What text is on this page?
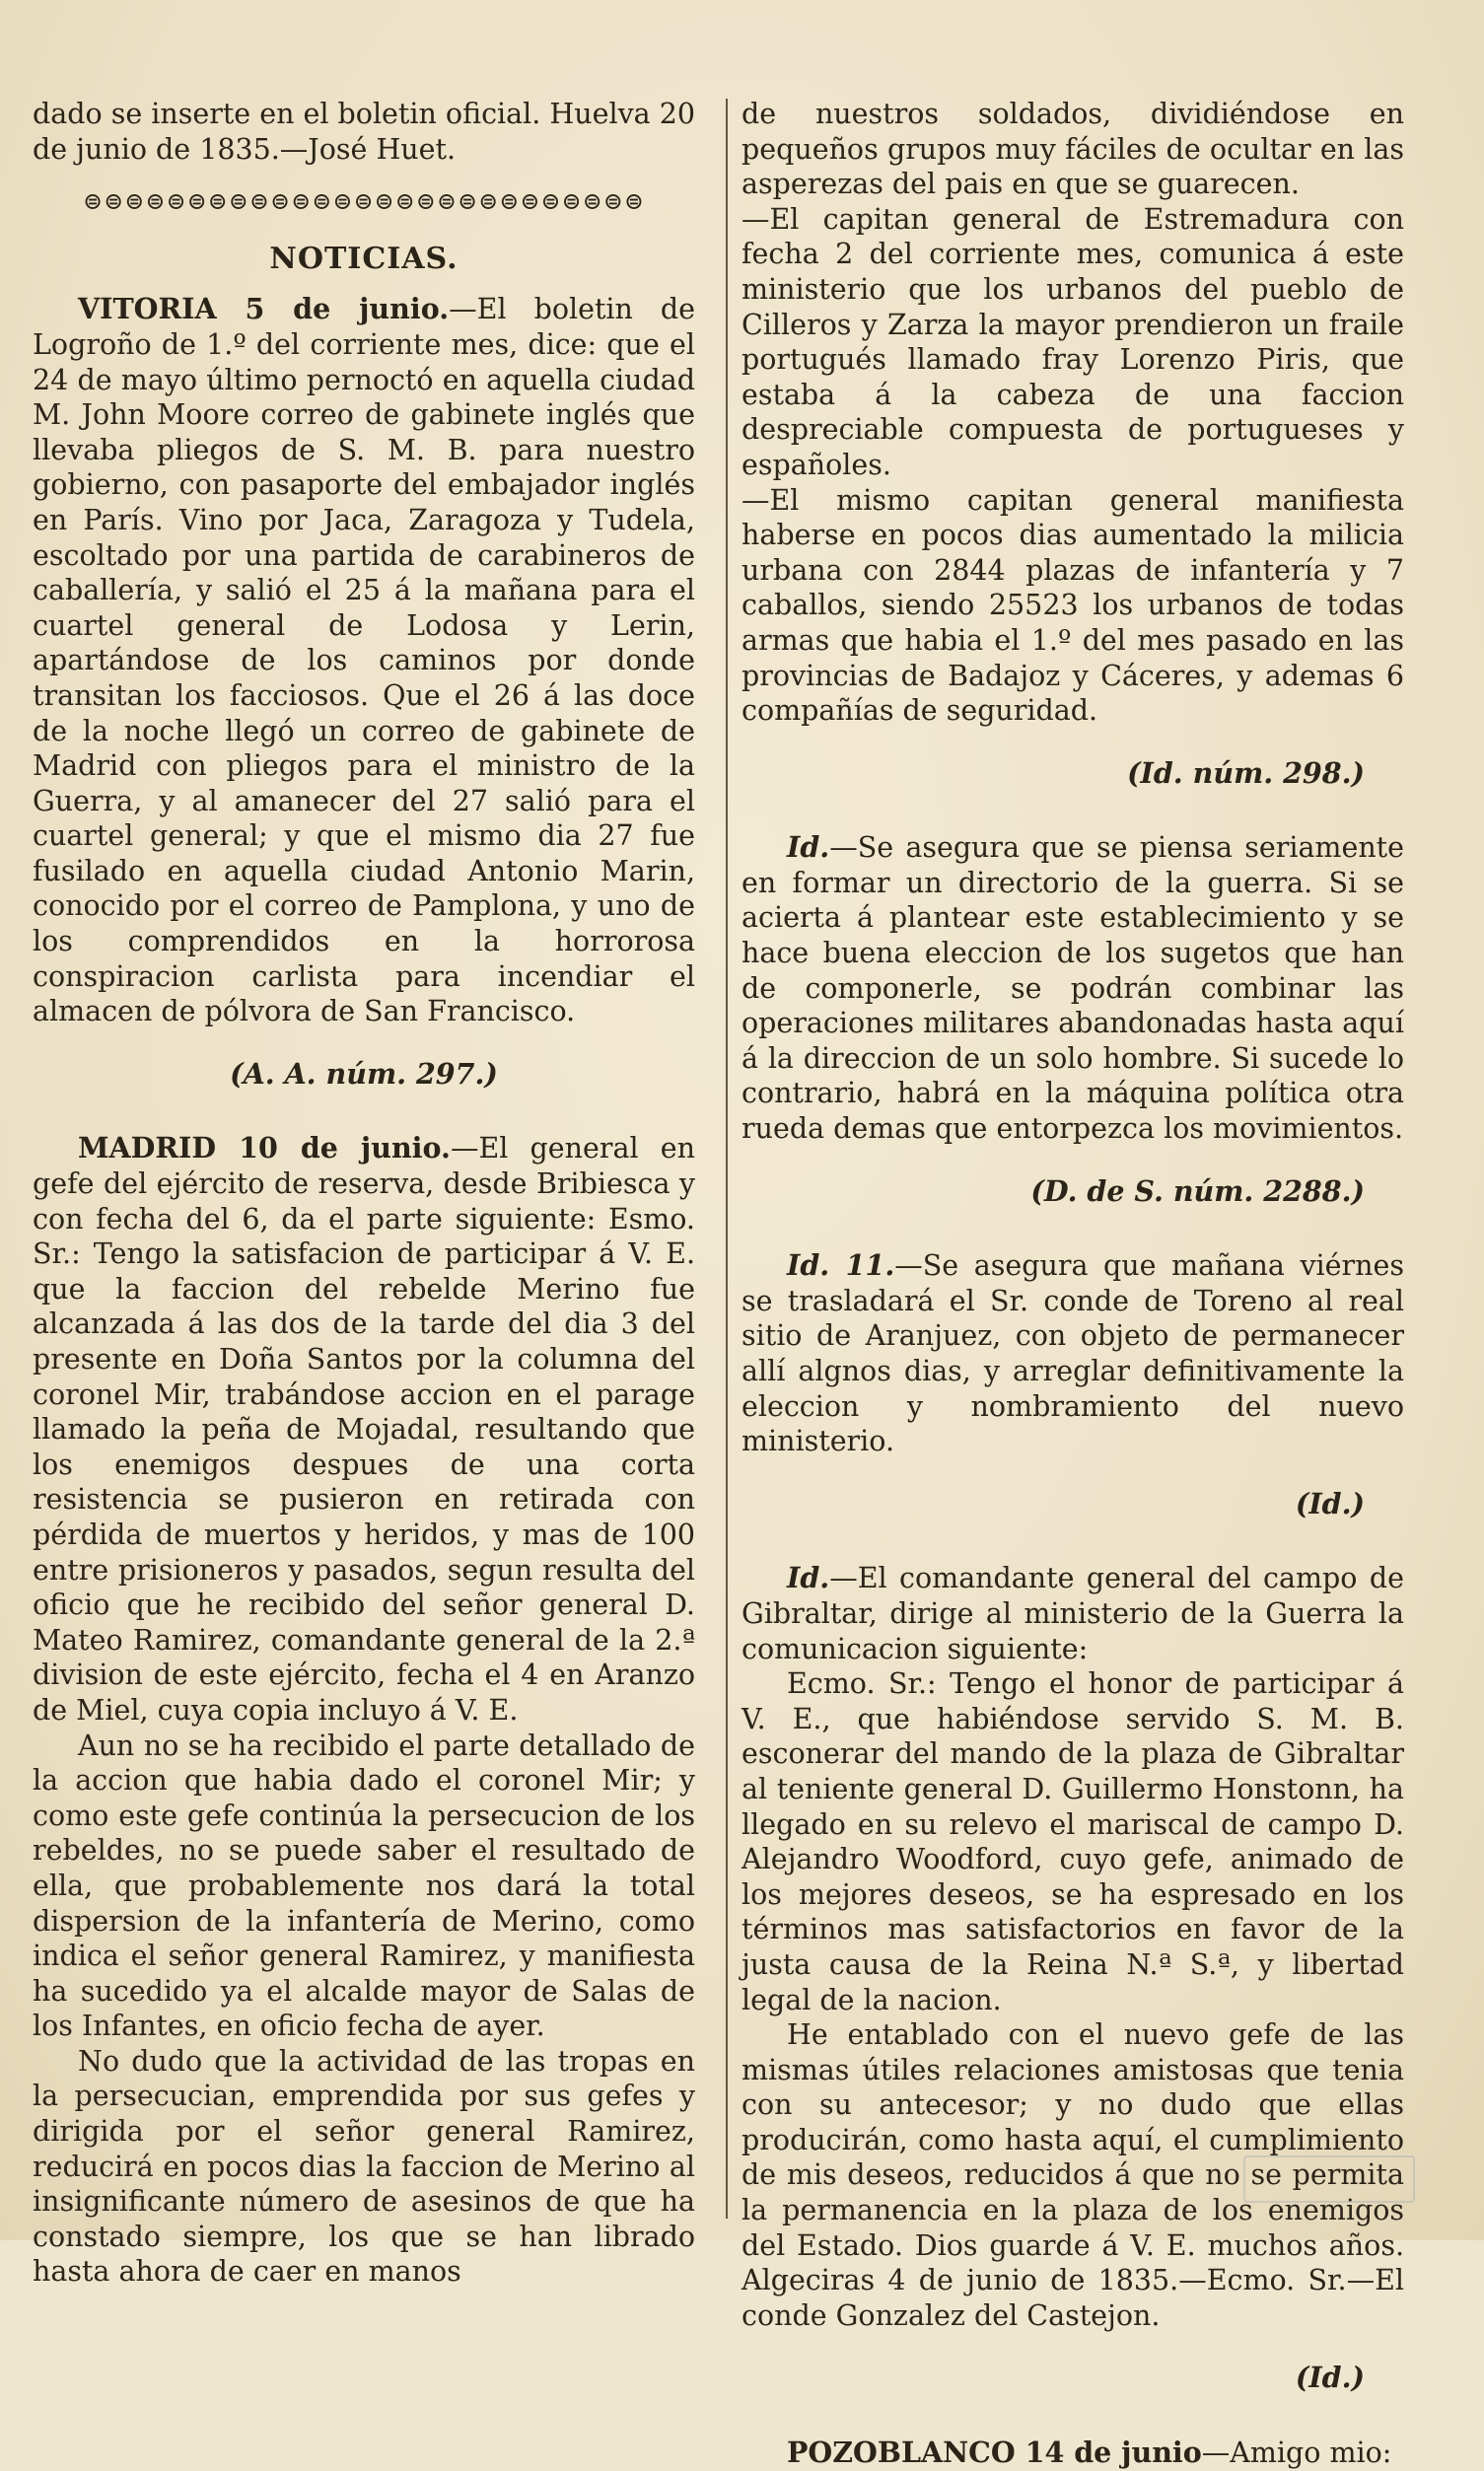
dado se inserte en el boletin oficial. Huelva 20 de junio de 1835.—José Huet.

⊜⊜⊜⊜⊜⊜⊜⊜⊜⊜⊜⊜⊜⊜⊜⊜⊜⊜⊜⊜⊜⊜⊜⊜⊜⊜⊜
NOTICIAS.

VITORIA 5 de junio.—El boletin de Logroño de 1.º del corriente mes, dice: que el 24 de mayo último pernoctó en aquella ciudad M. John Moore correo de gabinete inglés que llevaba pliegos de S. M. B. para nuestro gobierno, con pasaporte del embajador inglés en París. Vino por Jaca, Zaragoza y Tudela, escoltado por una partida de carabineros de caballería, y salió el 25 á la mañana para el cuartel general de Lodosa y Lerin, apartándose de los caminos por donde transitan los facciosos. Que el 26 á las doce de la noche llegó un correo de gabinete de Madrid con pliegos para el ministro de la Guerra, y al amanecer del 27 salió para el cuartel general; y que el mismo dia 27 fue fusilado en aquella ciudad Antonio Marin, conocido por el correo de Pamplona, y uno de los comprendidos en la horrorosa conspiracion carlista para incendiar el almacen de pólvora de San Francisco.

(A. A. núm. 297.)

MADRID 10 de junio.—El general en gefe del ejército de reserva, desde Bribiesca y con fecha del 6, da el parte siguiente: Esmo. Sr.: Tengo la satisfacion de participar á V. E. que la faccion del rebelde Merino fue alcanzada á las dos de la tarde del dia 3 del presente en Doña Santos por la columna del coronel Mir, trabándose accion en el parage llamado la peña de Mojadal, resultando que los enemigos despues de una corta resistencia se pusieron en retirada con pérdida de muertos y heridos, y mas de 100 entre prisioneros y pasados, segun resulta del oficio que he recibido del señor general D. Mateo Ramirez, comandante general de la 2.ª division de este ejército, fecha el 4 en Aranzo de Miel, cuya copia incluyo á V. E.

Aun no se ha recibido el parte detallado de la accion que habia dado el coronel Mir; y como este gefe continúa la persecucion de los rebeldes, no se puede saber el resultado de ella, que probablemente nos dará la total dispersion de la infantería de Merino, como indica el señor general Ramirez, y manifiesta ha sucedido ya el alcalde mayor de Salas de los Infantes, en oficio fecha de ayer.

No dudo que la actividad de las tropas en la persecucian, emprendida por sus gefes y dirigida por el señor general Ramirez, reducirá en pocos dias la faccion de Merino al insignificante número de asesinos de que ha constado siempre, los que se han librado hasta ahora de caer en manos

de nuestros soldados, dividiéndose en pequeños grupos muy fáciles de ocultar en las asperezas del pais en que se guarecen.

—El capitan general de Estremadura con fecha 2 del corriente mes, comunica á este ministerio que los urbanos del pueblo de Cilleros y Zarza la mayor prendieron un fraile portugués llamado fray Lorenzo Piris, que estaba á la cabeza de una faccion despreciable compuesta de portugueses y españoles.

—El mismo capitan general manifiesta haberse en pocos dias aumentado la milicia urbana con 2844 plazas de infantería y 7 caballos, siendo 25523 los urbanos de todas armas que habia el 1.º del mes pasado en las provincias de Badajoz y Cáceres, y ademas 6 compañías de seguridad.

(Id. núm. 298.)

Id.—Se asegura que se piensa seriamente en formar un directorio de la guerra. Si se acierta á plantear este establecimiento y se hace buena eleccion de los sugetos que han de componerle, se podrán combinar las operaciones militares abandonadas hasta aquí á la direccion de un solo hombre. Si sucede lo contrario, habrá en la máquina política otra rueda demas que entorpezca los movimientos.

(D. de S. núm. 2288.)

Id. 11.—Se asegura que mañana viérnes se trasladará el Sr. conde de Toreno al real sitio de Aranjuez, con objeto de permanecer allí algnos dias, y arreglar definitivamente la eleccion y nombramiento del nuevo ministerio.

(Id.)

Id.—El comandante general del campo de Gibraltar, dirige al ministerio de la Guerra la comunicacion siguiente:

Ecmo. Sr.: Tengo el honor de participar á V. E., que habiéndose servido S. M. B. esconerar del mando de la plaza de Gibraltar al teniente general D. Guillermo Honstonn, ha llegado en su relevo el mariscal de campo D. Alejandro Woodford, cuyo gefe, animado de los mejores deseos, se ha espresado en los términos mas satisfactorios en favor de la justa causa de la Reina N.ª S.ª, y libertad legal de la nacion.

He entablado con el nuevo gefe de las mismas útiles relaciones amistosas que tenia con su antecesor; y no dudo que ellas producirán, como hasta aquí, el cumplimiento de mis deseos, reducidos á que no se permita la permanencia en la plaza de los enemigos del Estado. Dios guarde á V. E. muchos años. Algeciras 4 de junio de 1835.—Ecmo. Sr.—El conde Gonzalez del Castejon.

(Id.)

POZOBLANCO 14 de junio—Amigo mio:
